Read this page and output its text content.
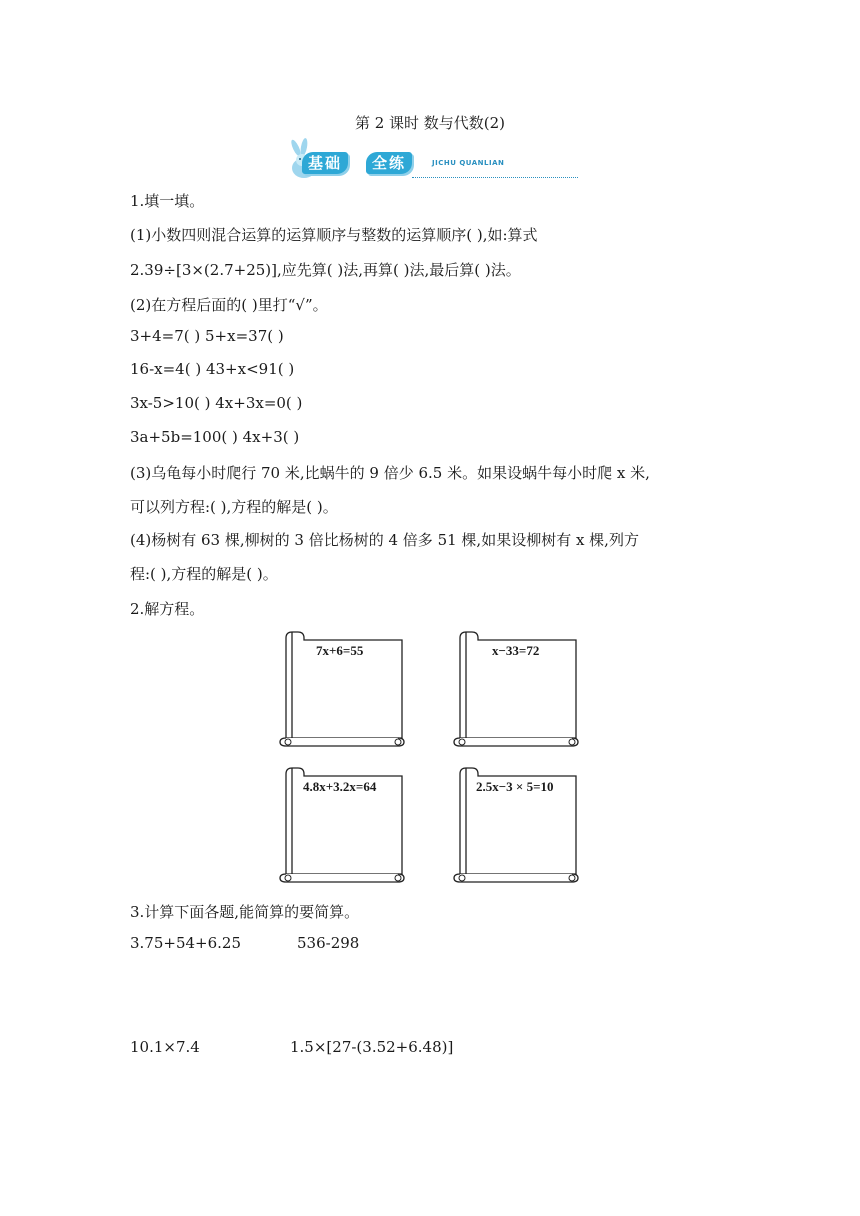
第 2 课时 数与代数(2)
基础	全练	JICHU QUANLIAN
1.填一填。
(1)小数四则混合运算的运算顺序与整数的运算顺序( ),如:算式
2.39÷[3×(2.7+25)],应先算( )法,再算( )法,最后算( )法。
(2)在方程后面的( )里打“√”。
3+4=7( ) 5+x=37( )
16-x=4( ) 43+x<91( )
3x-5>10( ) 4x+3x=0( )
3a+5b=100( ) 4x+3( )
(3)乌龟每小时爬行 70 米,比蜗牛的 9 倍少 6.5 米。如果设蜗牛每小时爬 x 米,
可以列方程:( ),方程的解是( )。
(4)杨树有 63 棵,柳树的 3 倍比杨树的 4 倍多 51 棵,如果设柳树有 x 棵,列方
程:( ),方程的解是( )。
2.解方程。
7x+6=55	x−33=72
4.8x+3.2x=64	2.5x−3 × 5=10
3.计算下面各题,能简算的要简算。
3.75+54+6.25	536-298
10.1×7.4	1.5×[27-(3.52+6.48)]
